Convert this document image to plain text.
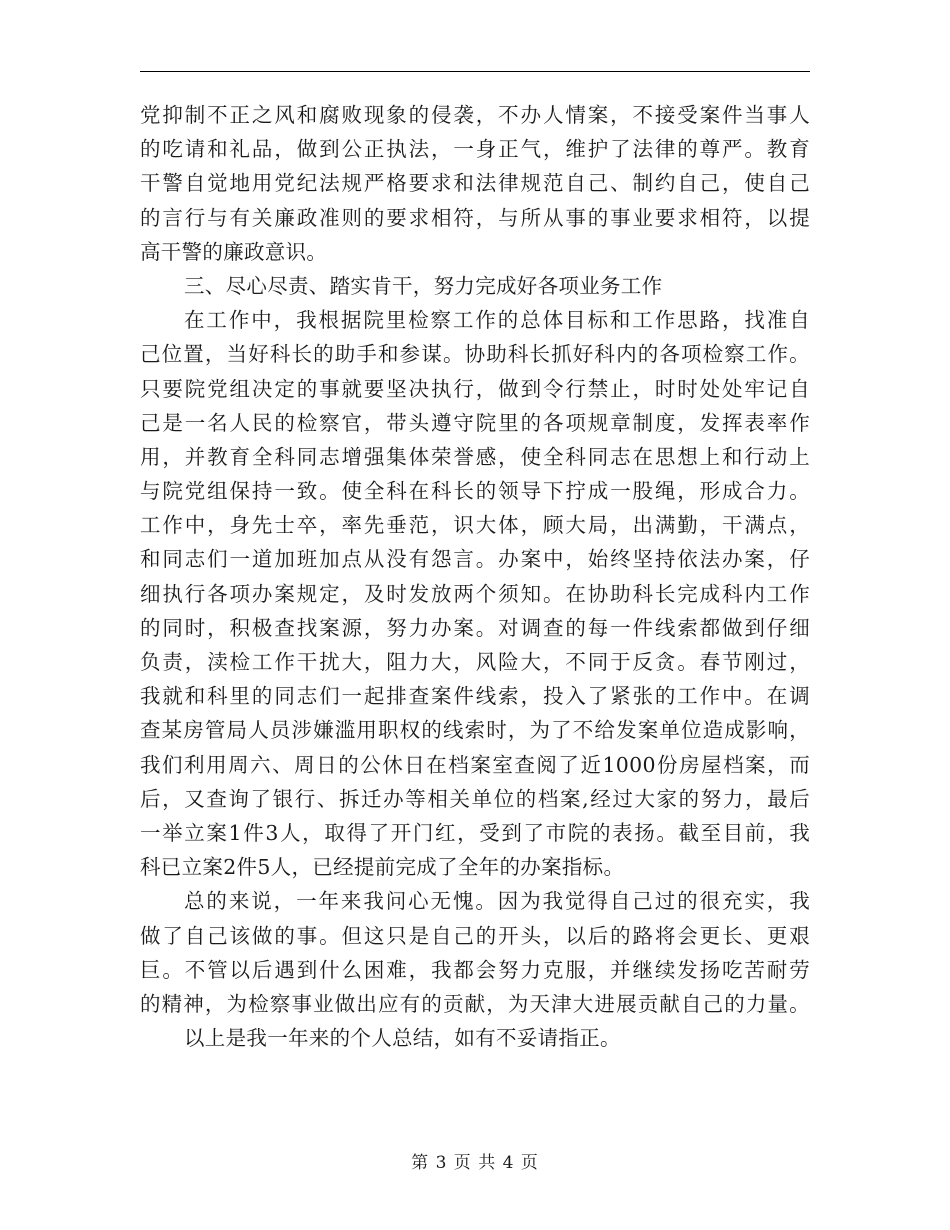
党抑制不正之风和腐败现象的侵袭，不办人情案，不接受案件当事人
的吃请和礼品，做到公正执法，一身正气，维护了法律的尊严。教育
干警自觉地用党纪法规严格要求和法律规范自己、制约自己，使自己
的言行与有关廉政准则的要求相符，与所从事的事业要求相符，以提
高干警的廉政意识。
三、尽心尽责、踏实肯干，努力完成好各项业务工作
在工作中，我根据院里检察工作的总体目标和工作思路，找准自
己位置，当好科长的助手和参谋。协助科长抓好科内的各项检察工作。
只要院党组决定的事就要坚决执行，做到令行禁止，时时处处牢记自
己是一名人民的检察官，带头遵守院里的各项规章制度，发挥表率作
用，并教育全科同志增强集体荣誉感，使全科同志在思想上和行动上
与院党组保持一致。使全科在科长的领导下拧成一股绳，形成合力。
工作中，身先士卒，率先垂范，识大体，顾大局，出满勤，干满点，
和同志们一道加班加点从没有怨言。办案中，始终坚持依法办案，仔
细执行各项办案规定，及时发放两个须知。在协助科长完成科内工作
的同时，积极查找案源，努力办案。对调查的每一件线索都做到仔细
负责，渎检工作干扰大，阻力大，风险大，不同于反贪。春节刚过，
我就和科里的同志们一起排查案件线索，投入了紧张的工作中。在调
查某房管局人员涉嫌滥用职权的线索时，为了不给发案单位造成影响，
我们利用周六、周日的公休日在档案室查阅了近1000份房屋档案，而
后，又查询了银行、拆迁办等相关单位的档案,经过大家的努力，最后
一举立案1件3人，取得了开门红，受到了市院的表扬。截至目前，我
科已立案2件5人，已经提前完成了全年的办案指标。
总的来说，一年来我问心无愧。因为我觉得自己过的很充实，我
做了自己该做的事。但这只是自己的开头，以后的路将会更长、更艰
巨。不管以后遇到什么困难，我都会努力克服，并继续发扬吃苦耐劳
的精神，为检察事业做出应有的贡献，为天津大进展贡献自己的力量。
以上是我一年来的个人总结，如有不妥请指正。
第 3 页 共 4 页
